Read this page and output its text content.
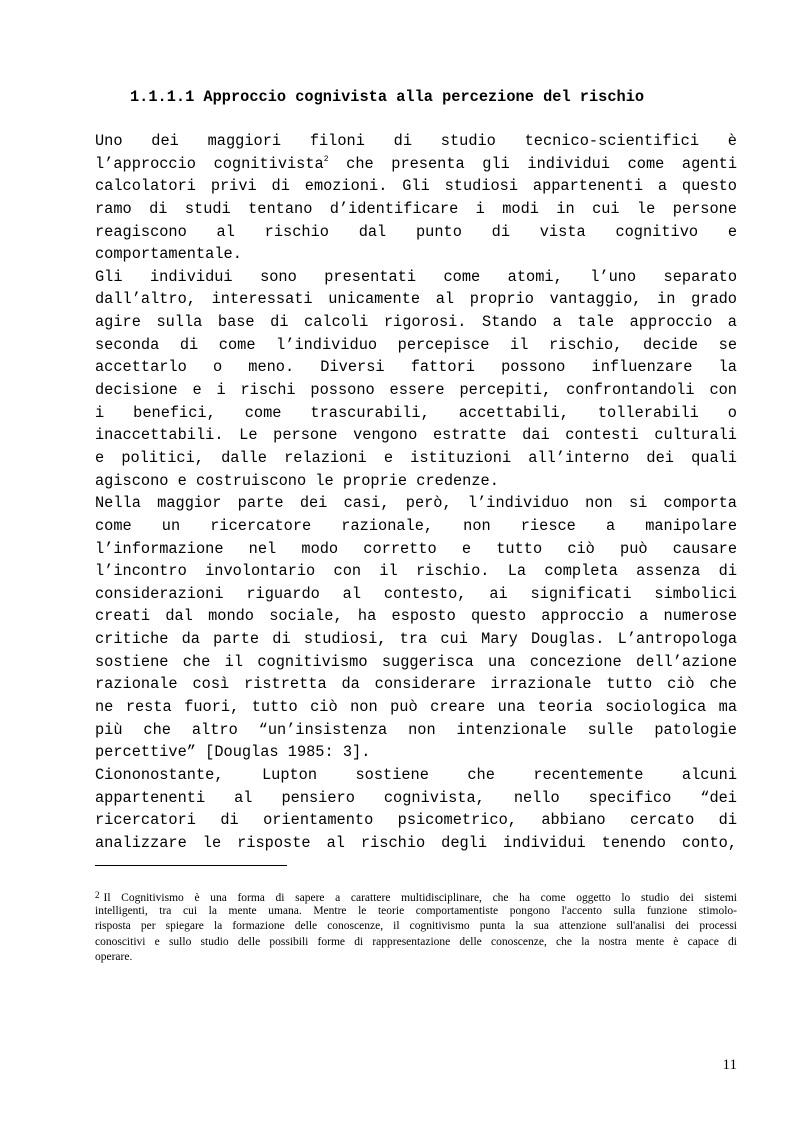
1.1.1.1 Approccio cognivista alla percezione del rischio
Uno dei maggiori filoni di studio tecnico-scientifici è
l’approccio cognitivista$^2$ che presenta gli individui come agenti
calcolatori privi di emozioni. Gli studiosi appartenenti a questo
ramo di studi tentano d’identificare i modi in cui le persone
reagiscono al rischio dal punto di vista cognitivo e
comportamentale.
Gli individui sono presentati come atomi, l’uno separato
dall’altro, interessati unicamente al proprio vantaggio, in grado
agire sulla base di calcoli rigorosi. Stando a tale approccio a
seconda di come l’individuo percepisce il rischio, decide se
accettarlo o meno. Diversi fattori possono influenzare la
decisione e i rischi possono essere percepiti, confrontandoli con
i benefici, come trascurabili, accettabili, tollerabili o
inaccettabili. Le persone vengono estratte dai contesti culturali
e politici, dalle relazioni e istituzioni all’interno dei quali
agiscono e costruiscono le proprie credenze.
Nella maggior parte dei casi, però, l’individuo non si comporta
come un ricercatore razionale, non riesce a manipolare
l’informazione nel modo corretto e tutto ciò può causare
l’incontro involontario con il rischio. La completa assenza di
considerazioni riguardo al contesto, ai significati simbolici
creati dal mondo sociale, ha esposto questo approccio a numerose
critiche da parte di studiosi, tra cui Mary Douglas. L’antropologa
sostiene che il cognitivismo suggerisca una concezione dell’azione
razionale così ristretta da considerare irrazionale tutto ciò che
ne resta fuori, tutto ciò non può creare una teoria sociologica ma
più che altro “un’insistenza non intenzionale sulle patologie
percettive” [Douglas 1985: 3].
Ciononostante, Lupton sostiene che recentemente alcuni
appartenenti al pensiero cognivista, nello specifico “dei
ricercatori di orientamento psicometrico, abbiano cercato di
analizzare le risposte al rischio degli individui tenendo conto,
$^2$ Il Cognitivismo è una forma di sapere a carattere multidisciplinare, che ha come oggetto lo studio dei sistemi
intelligenti, tra cui la mente umana. Mentre le teorie comportamentiste pongono l'accento sulla funzione stimolo-
risposta per spiegare la formazione delle conoscenze, il cognitivismo punta la sua attenzione sull'analisi dei processi
conoscitivi e sullo studio delle possibili forme di rappresentazione delle conoscenze, che la nostra mente è capace di
operare.
11
